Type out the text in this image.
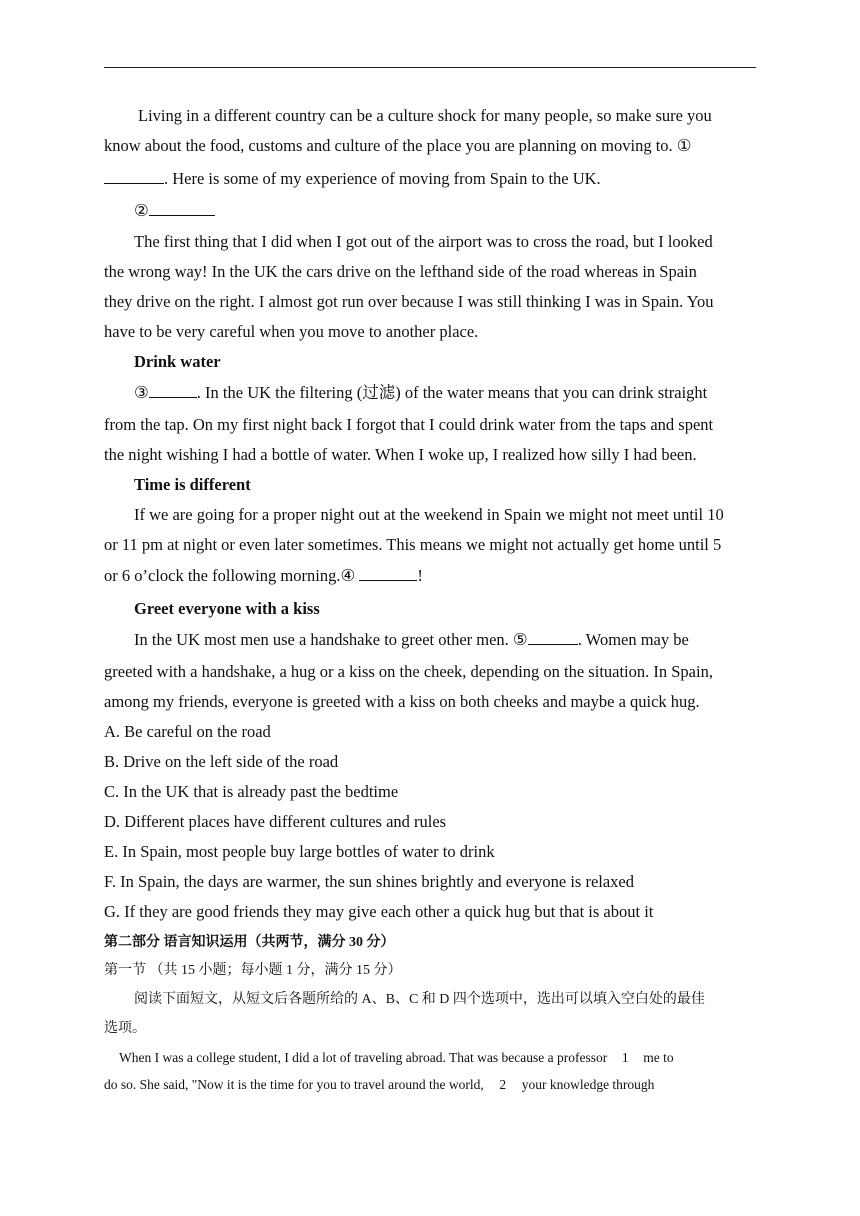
Living in a different country can be a culture shock for many people, so make sure you
know about the food, customs and culture of the place you are planning on moving to. ①
. Here is some of my experience of moving from Spain to the UK.
②
The first thing that I did when I got out of the airport was to cross the road, but I looked
the wrong way! In the UK the cars drive on the lefthand side of the road whereas in Spain
they drive on the right. I almost got run over because I was still thinking I was in Spain. You
have to be very careful when you move to another place.
Drink water
③	. In the UK the filtering (过滤) of the water means that you can drink straight
from the tap. On my first night back I forgot that I could drink water from the taps and spent
the night wishing I had a bottle of water. When I woke up, I realized how silly I had been.
Time is different
If we are going for a proper night out at the weekend in Spain we might not meet until 10
or 11 pm at night or even later sometimes. This means we might not actually get home until 5
or 6 o’clock the following morning.④	!
Greet everyone with a kiss
In the UK most men use a handshake to greet other men. ⑤	. Women may be
greeted with a handshake, a hug or a kiss on the cheek, depending on the situation. In Spain,
among my friends, everyone is greeted with a kiss on both cheeks and maybe a quick hug.
A. Be careful on the road
B. Drive on the left side of the road
C. In the UK that is already past the bedtime
D. Different places have different cultures and rules
E. In Spain, most people buy large bottles of water to drink
F. In Spain, the days are warmer, the sun shines brightly and everyone is relaxed
G. If they are good friends they may give each other a quick hug but that is about it
第二部分 语言知识运用（共两节，满分 30 分）
第一节 （共 15 小题；每小题 1 分，满分 15 分）
阅读下面短文，从短文后各题所给的 A、B、C 和 D 四个选项中，选出可以填入空白处的最佳
选项。
When I was a college student, I did a lot of traveling abroad. That was because a professor 1 me to
do so. She said, "Now it is the time for you to travel around the world, 2 your knowledge through
